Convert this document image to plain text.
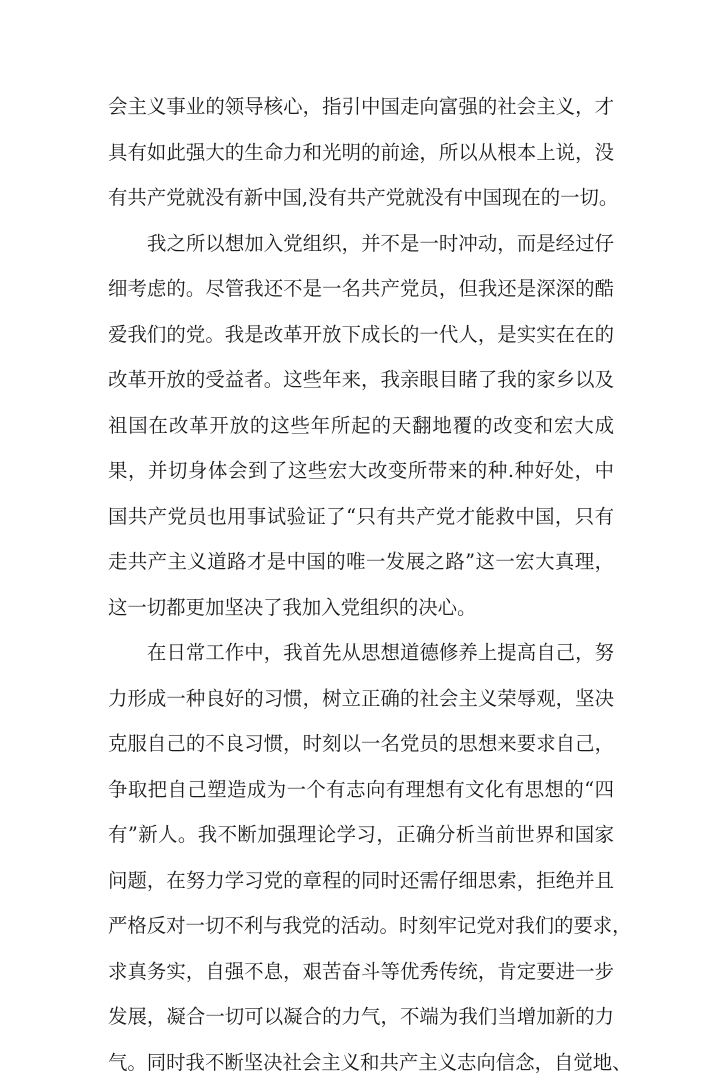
会主义事业的领导核心，指引中国走向富强的社会主义，才
具有如此强大的生命力和光明的前途，所以从根本上说，没
有共产党就没有新中国,没有共产党就没有中国现在的一切。
我之所以想加入党组织，并不是一时冲动，而是经过仔
细考虑的。尽管我还不是一名共产党员，但我还是深深的酷
爱我们的党。我是改革开放下成长的一代人，是实实在在的
改革开放的受益者。这些年来，我亲眼目睹了我的家乡以及
祖国在改革开放的这些年所起的天翻地覆的改变和宏大成
果，并切身体会到了这些宏大改变所带来的种.种好处，中
国共产党员也用事试验证了“只有共产党才能救中国，只有
走共产主义道路才是中国的唯一发展之路”这一宏大真理，
这一切都更加坚决了我加入党组织的决心。
在日常工作中，我首先从思想道德修养上提高自己，努
力形成一种良好的习惯，树立正确的社会主义荣辱观，坚决
克服自己的不良习惯，时刻以一名党员的思想来要求自己，
争取把自己塑造成为一个有志向有理想有文化有思想的“四
有”新人。我不断加强理论学习，正确分析当前世界和国家
问题，在努力学习党的章程的同时还需仔细思索，拒绝并且
严格反对一切不利与我党的活动。时刻牢记党对我们的要求，
求真务实，自强不息，艰苦奋斗等优秀传统，肯定要进一步
发展，凝合一切可以凝合的力气，不端为我们当增加新的力
气。同时我不断坚决社会主义和共产主义志向信念，自觉地、
